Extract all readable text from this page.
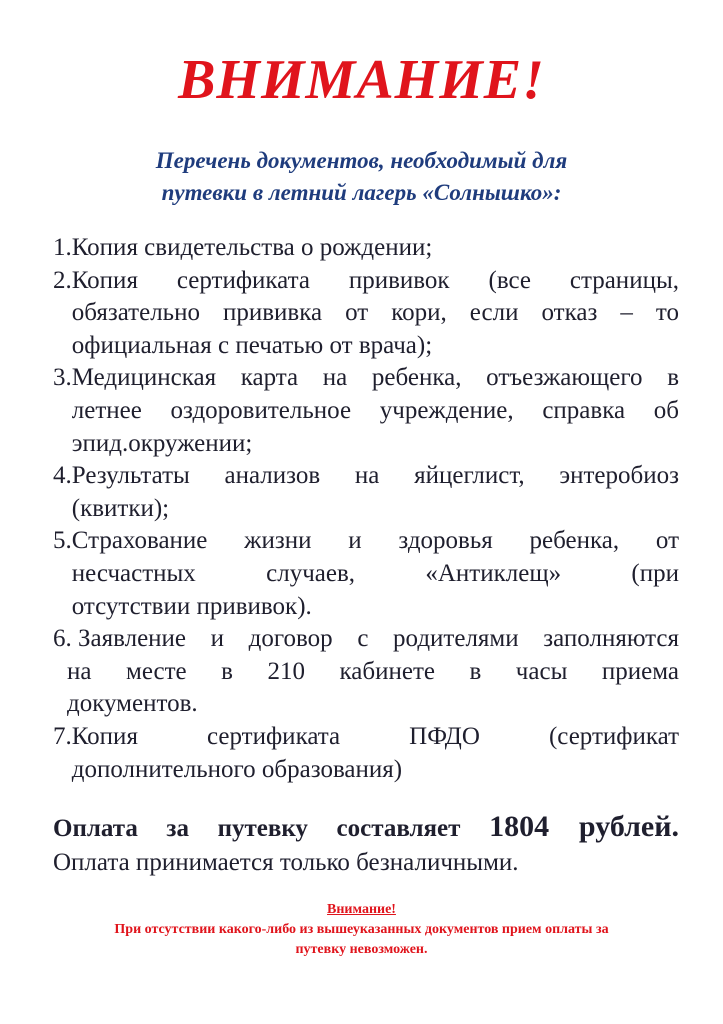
ВНИМАНИЕ!
Перечень документов, необходимый для
путевки в летний лагерь «Солнышко»:
1. Копия свидетельства о рождении;
2. Копия сертификата прививок (все страницы,
обязательно прививка от кори, если отказ – то
официальная с печатью от врача);
3. Медицинская карта на ребенка, отъезжающего в
летнее оздоровительное учреждение, справка об
эпид.окружении;
4. Результаты анализов на яйцеглист, энтеробиоз
(квитки);
5. Страхование жизни и здоровья ребенка, от
несчастных случаев, «Антиклещ» (при
отсутствии прививок).
6. Заявление и договор с родителями заполняются
на месте в 210 кабинете в часы приема
документов.
7. Копия сертификата ПФДО (сертификат
дополнительного образования)
Оплата за путевку составляет 1804 рублей.
Оплата принимается только безналичными.
Внимание!
При отсутствии какого-либо из вышеуказанных документов прием оплаты за
путевку невозможен.
